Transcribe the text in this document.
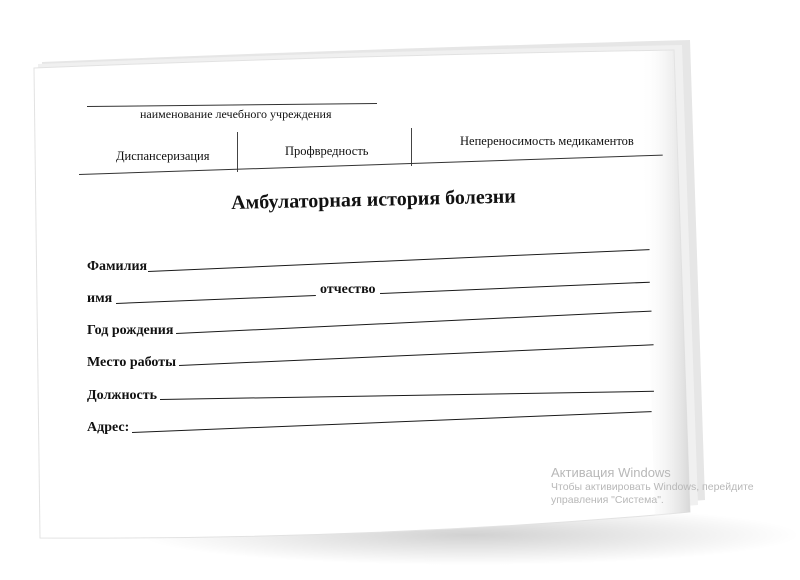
наименование лечебного учреждения
Диспансеризация	Профвредность
Непереносимость медикаментов
Амбулаторная история болезни
Фамилия
имя
отчество
Год рождения
Место работы
Должность
Адрес:
Активация Windows
Чтобы активировать Windows, перейдите
управления "Система".
